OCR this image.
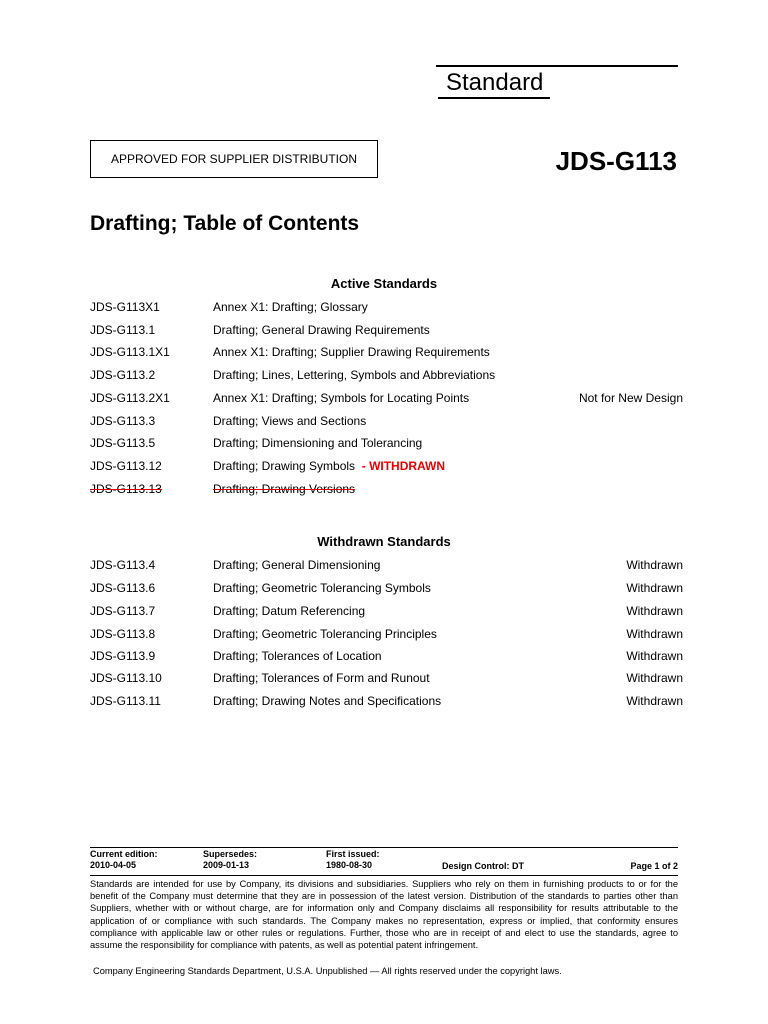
Standard
APPROVED FOR SUPPLIER DISTRIBUTION	JDS-G113
Drafting; Table of Contents
Active Standards
JDS-G113X1	Annex X1: Drafting; Glossary
JDS-G113.1	Drafting; General Drawing Requirements
JDS-G113.1X1	Annex X1: Drafting; Supplier Drawing Requirements
JDS-G113.2	Drafting; Lines, Lettering, Symbols and Abbreviations
JDS-G113.2X1	Annex X1: Drafting; Symbols for Locating Points	Not for New Design
JDS-G113.3	Drafting; Views and Sections
JDS-G113.5	Drafting; Dimensioning and Tolerancing
JDS-G113.12	Drafting; Drawing Symbols - WITHDRAWN
JDS-G113.13	Drafting; Drawing Versions
Withdrawn Standards
JDS-G113.4	Drafting; General Dimensioning	Withdrawn
JDS-G113.6	Drafting; Geometric Tolerancing Symbols	Withdrawn
JDS-G113.7	Drafting; Datum Referencing	Withdrawn
JDS-G113.8	Drafting; Geometric Tolerancing Principles	Withdrawn
JDS-G113.9	Drafting; Tolerances of Location	Withdrawn
JDS-G113.10	Drafting; Tolerances of Form and Runout	Withdrawn
JDS-G113.11	Drafting; Drawing Notes and Specifications	Withdrawn
Current edition:
2010-04-05
Supersedes:
2009-01-13
First issued:
1980-08-30	Design Control: DT	Page 1 of 2
Standards are intended for use by Company, its divisions and subsidiaries. Suppliers who rely on them in furnishing products to or for the benefit of the Company must determine that they are in possession of the latest version. Distribution of the standards to parties other than Suppliers, whether with or without charge, are for information only and Company disclaims all responsibility for results attributable to the application of or compliance with such standards. The Company makes no representation, express or implied, that conformity ensures compliance with applicable law or other rules or regulations. Further, those who are in receipt of and elect to use the standards, agree to assume the responsibility for compliance with patents, as well as potential patent infringement.
Company Engineering Standards Department, U.S.A. Unpublished — All rights reserved under the copyright laws.
